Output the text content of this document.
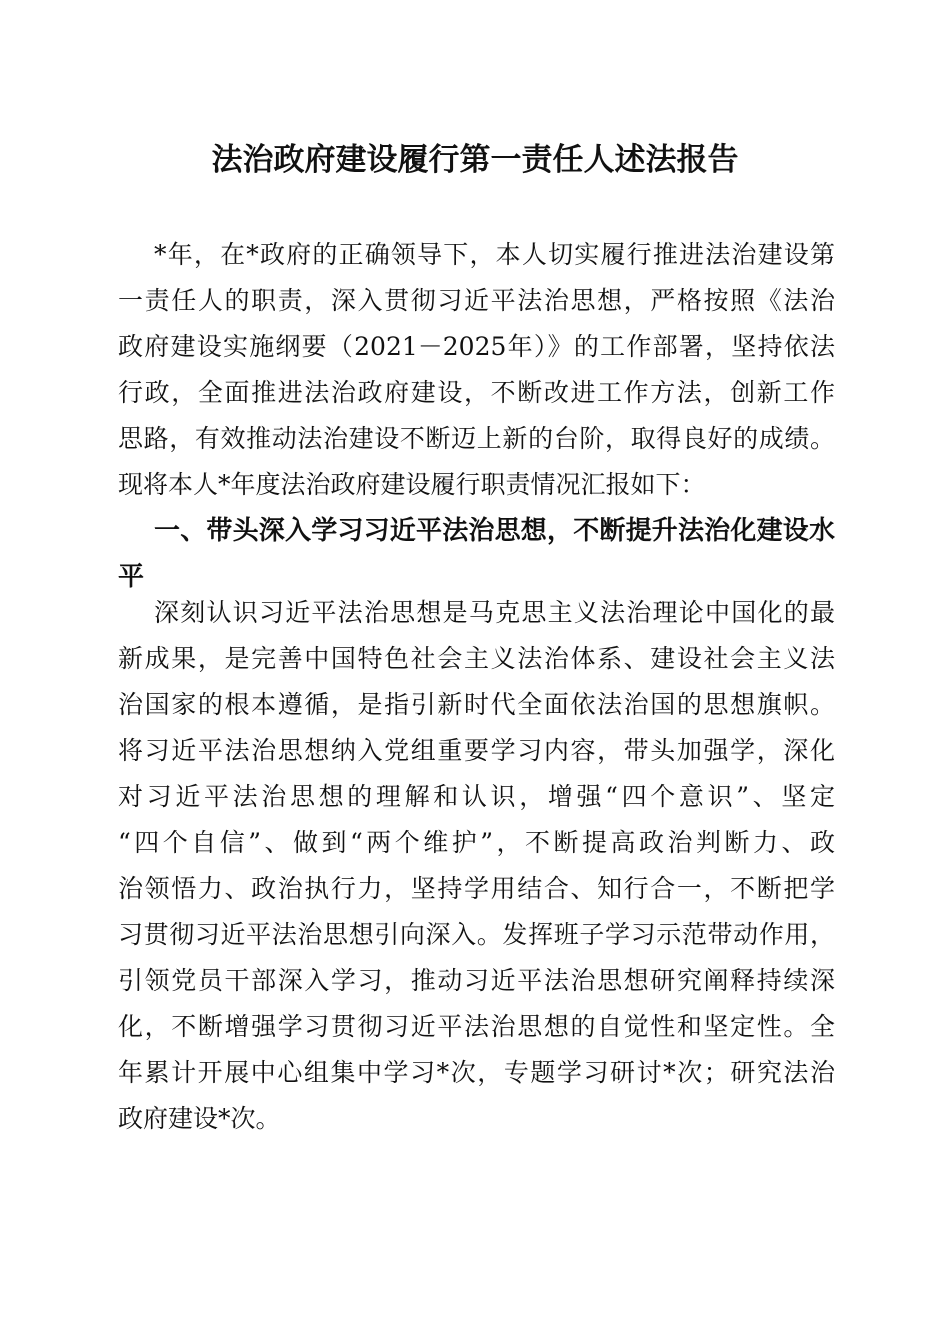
法治政府建设履行第一责任人述法报告
*年，在*政府的正确领导下，本人切实履行推进法治建设第
一责任人的职责，深入贯彻习近平法治思想，严格按照《法治
政府建设实施纲要（2021－2025年）》的工作部署，坚持依法
行政，全面推进法治政府建设，不断改进工作方法，创新工作
思路，有效推动法治建设不断迈上新的台阶，取得良好的成绩。
现将本人*年度法治政府建设履行职责情况汇报如下：
一、带头深入学习习近平法治思想，不断提升法治化建设水
平
深刻认识习近平法治思想是马克思主义法治理论中国化的最
新成果，是完善中国特色社会主义法治体系、建设社会主义法
治国家的根本遵循，是指引新时代全面依法治国的思想旗帜。
将习近平法治思想纳入党组重要学习内容，带头加强学，深化
对习近平法治思想的理解和认识，增强“四个意识”、坚定
“四个自信”、做到“两个维护”，不断提高政治判断力、政
治领悟力、政治执行力，坚持学用结合、知行合一，不断把学
习贯彻习近平法治思想引向深入。发挥班子学习示范带动作用，
引领党员干部深入学习，推动习近平法治思想研究阐释持续深
化，不断增强学习贯彻习近平法治思想的自觉性和坚定性。全
年累计开展中心组集中学习*次，专题学习研讨*次；研究法治
政府建设*次。
